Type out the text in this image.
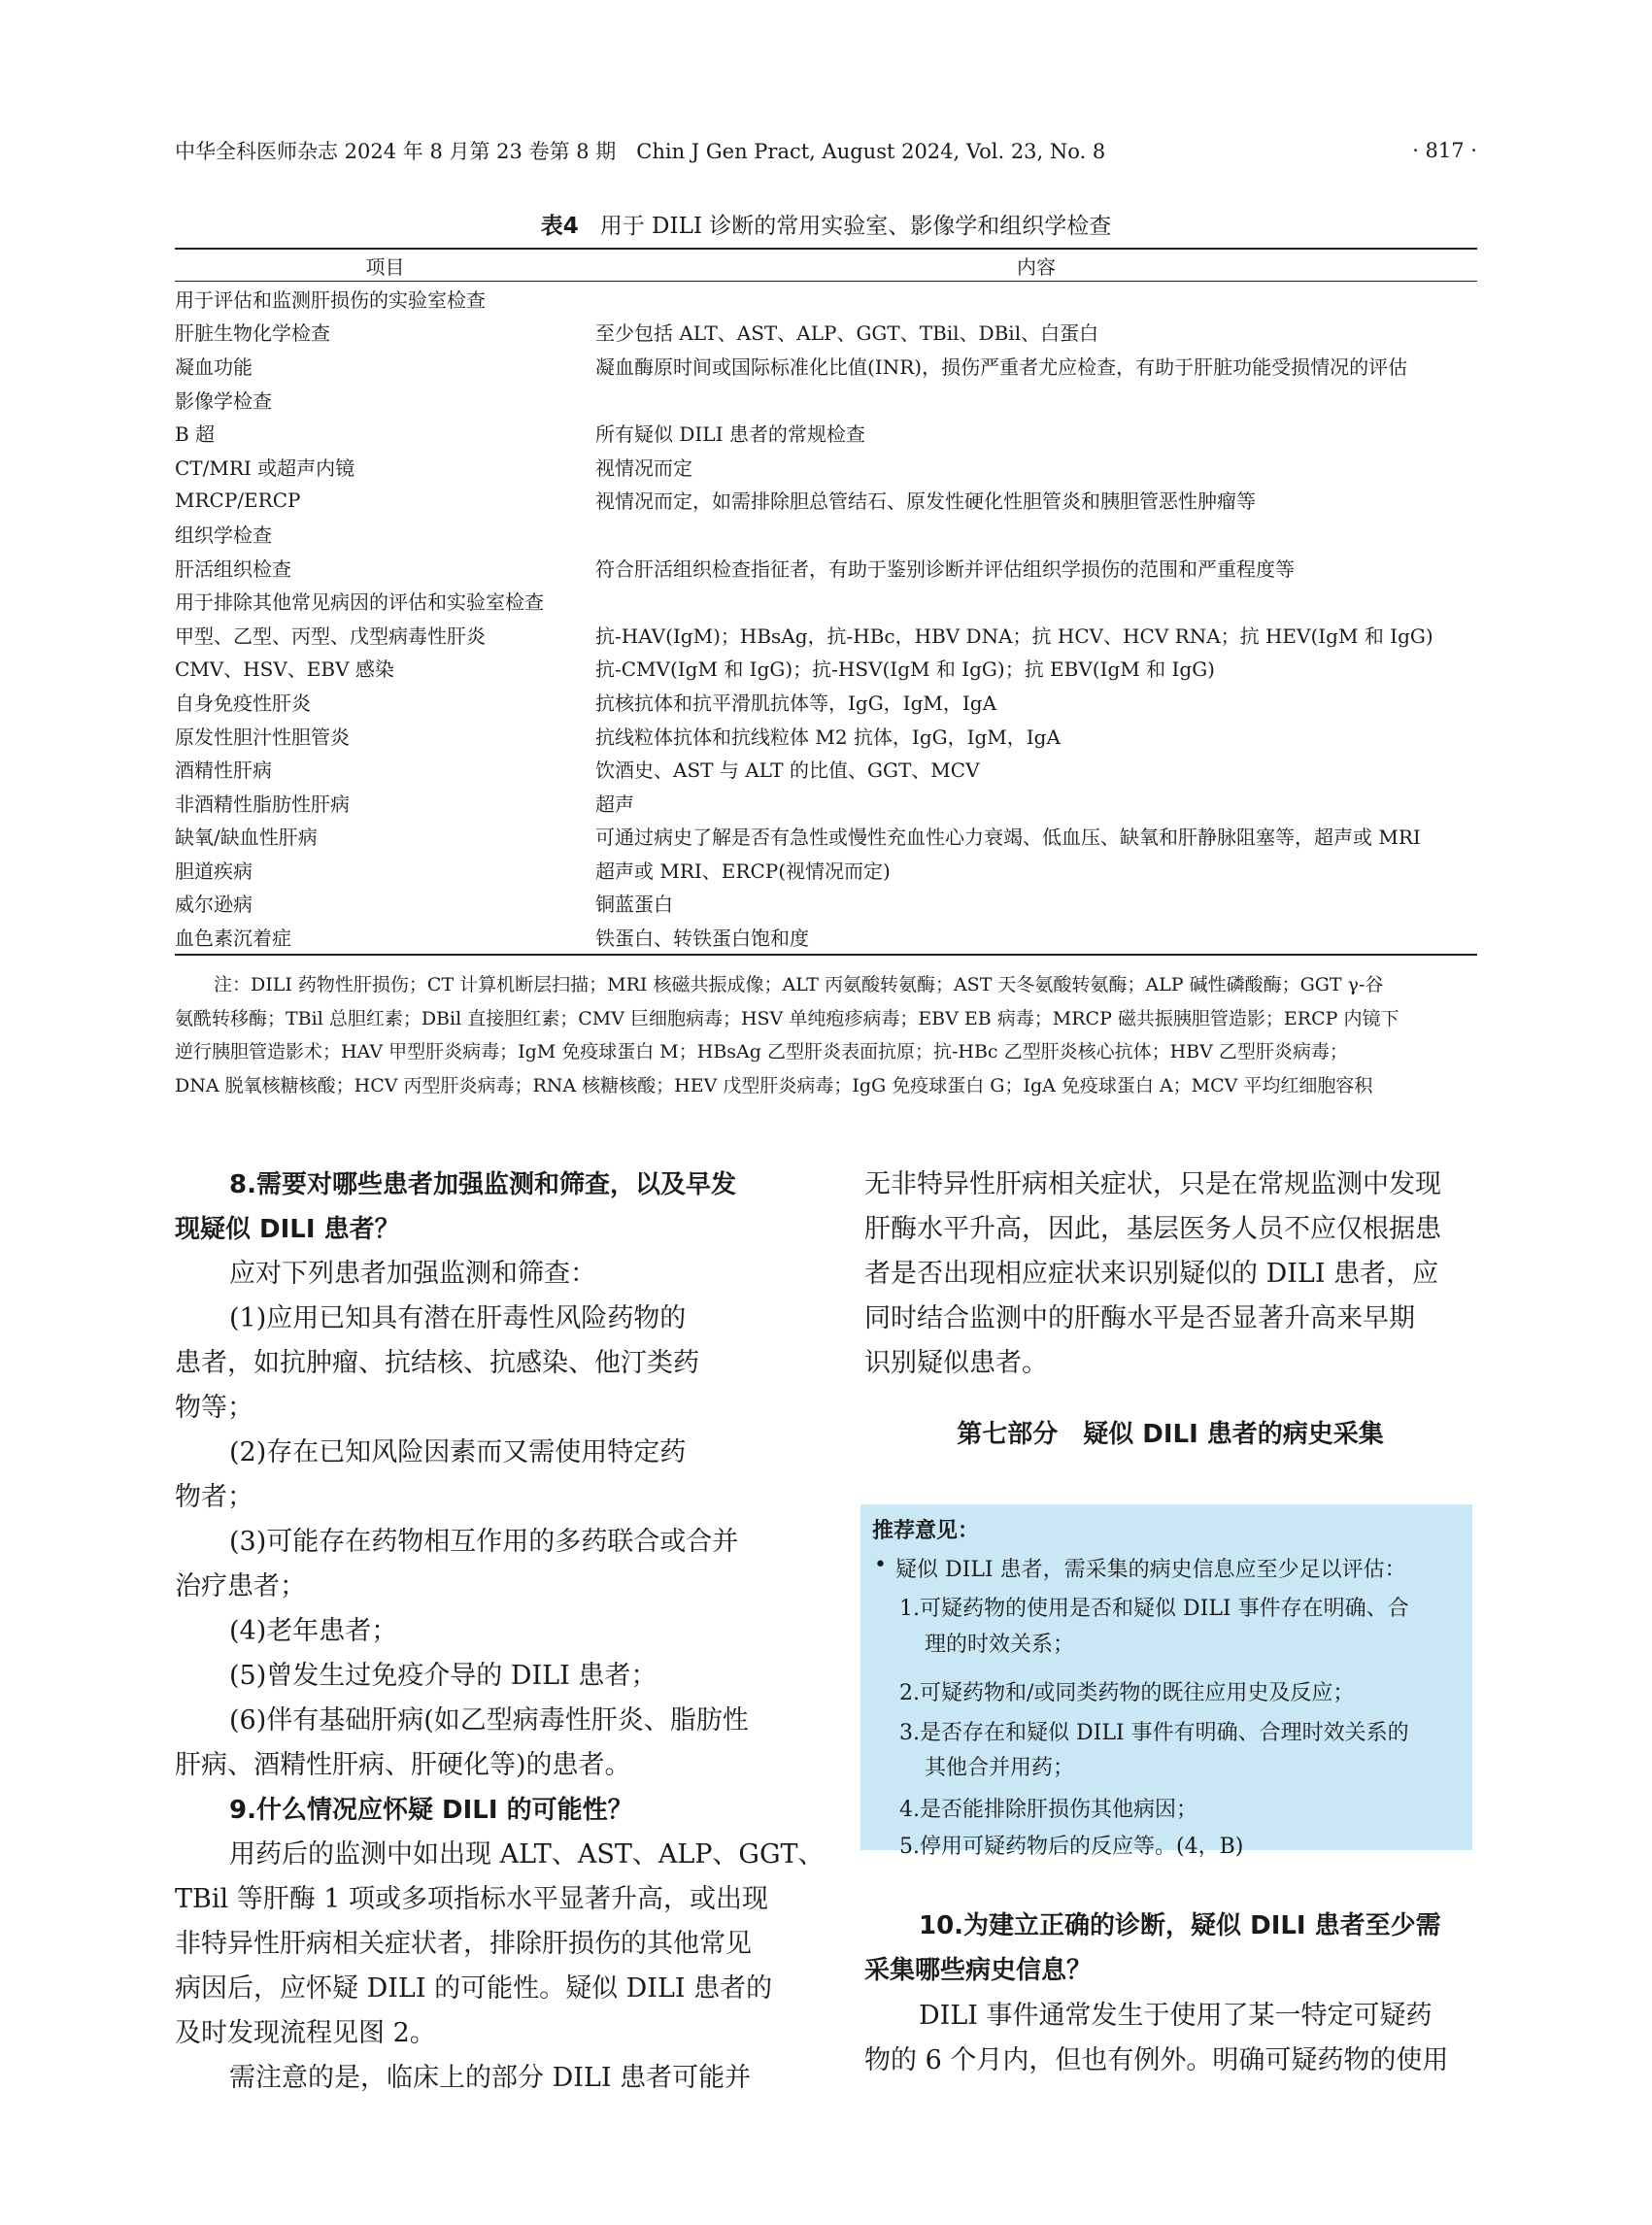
中华全科医师杂志 2024 年 8 月第 23 卷第 8 期　Chin J Gen Pract, August 2024, Vol. 23, No. 8	· 817 ·
表4 用于 DILI 诊断的常用实验室、影像学和组织学检查
项目	内容
用于评估和监测肝损伤的实验室检查	
肝脏生物化学检查	至少包括 ALT、AST、ALP、GGT、TBil、DBil、白蛋白
凝血功能	凝血酶原时间或国际标准化比值(INR)，损伤严重者尤应检查，有助于肝脏功能受损情况的评估
影像学检查	
B 超	所有疑似 DILI 患者的常规检查
CT/MRI 或超声内镜	视情况而定
MRCP/ERCP	视情况而定，如需排除胆总管结石、原发性硬化性胆管炎和胰胆管恶性肿瘤等
组织学检查	
肝活组织检查	符合肝活组织检查指征者，有助于鉴别诊断并评估组织学损伤的范围和严重程度等
用于排除其他常见病因的评估和实验室检查	
甲型、乙型、丙型、戊型病毒性肝炎	抗-HAV(IgM)；HBsAg，抗-HBc，HBV DNA；抗 HCV、HCV RNA；抗 HEV(IgM 和 IgG)
CMV、HSV、EBV 感染	抗-CMV(IgM 和 IgG)；抗-HSV(IgM 和 IgG)；抗 EBV(IgM 和 IgG)
自身免疫性肝炎	抗核抗体和抗平滑肌抗体等，IgG，IgM，IgA
原发性胆汁性胆管炎	抗线粒体抗体和抗线粒体 M2 抗体，IgG，IgM，IgA
酒精性肝病	饮酒史、AST 与 ALT 的比值、GGT、MCV
非酒精性脂肪性肝病	超声
缺氧/缺血性肝病	可通过病史了解是否有急性或慢性充血性心力衰竭、低血压、缺氧和肝静脉阻塞等，超声或 MRI
胆道疾病	超声或 MRI、ERCP(视情况而定)
威尔逊病	铜蓝蛋白
血色素沉着症	铁蛋白、转铁蛋白饱和度
注：DILI 药物性肝损伤；CT 计算机断层扫描；MRI 核磁共振成像；ALT 丙氨酸转氨酶；AST 天冬氨酸转氨酶；ALP 碱性磷酸酶；GGT γ-谷
氨酰转移酶；TBil 总胆红素；DBil 直接胆红素；CMV 巨细胞病毒；HSV 单纯疱疹病毒；EBV EB 病毒；MRCP 磁共振胰胆管造影；ERCP 内镜下
逆行胰胆管造影术；HAV 甲型肝炎病毒；IgM 免疫球蛋白 M；HBsAg 乙型肝炎表面抗原；抗-HBc 乙型肝炎核心抗体；HBV 乙型肝炎病毒；
DNA 脱氧核糖核酸；HCV 丙型肝炎病毒；RNA 核糖核酸；HEV 戊型肝炎病毒；IgG 免疫球蛋白 G；IgA 免疫球蛋白 A；MCV 平均红细胞容积
8.需要对哪些患者加强监测和筛查，以及早发
现疑似 DILI 患者？
应对下列患者加强监测和筛查：
(1)应用已知具有潜在肝毒性风险药物的
患者，如抗肿瘤、抗结核、抗感染、他汀类药
物等；
(2)存在已知风险因素而又需使用特定药
物者；
(3)可能存在药物相互作用的多药联合或合并
治疗患者；
(4)老年患者；
(5)曾发生过免疫介导的 DILI 患者；
(6)伴有基础肝病(如乙型病毒性肝炎、脂肪性
肝病、酒精性肝病、肝硬化等)的患者。
9.什么情况应怀疑 DILI 的可能性？
用药后的监测中如出现 ALT、AST、ALP、GGT、
TBil 等肝酶 1 项或多项指标水平显著升高，或出现
非特异性肝病相关症状者，排除肝损伤的其他常见
病因后，应怀疑 DILI 的可能性。疑似 DILI 患者的
及时发现流程见图 2。
需注意的是，临床上的部分 DILI 患者可能并
无非特异性肝病相关症状，只是在常规监测中发现
肝酶水平升高，因此，基层医务人员不应仅根据患
者是否出现相应症状来识别疑似的 DILI 患者，应
同时结合监测中的肝酶水平是否显著升高来早期
识别疑似患者。
第七部分　疑似 DILI 患者的病史采集
推荐意见：
• 疑似 DILI 患者，需采集的病史信息应至少足以评估：
1.可疑药物的使用是否和疑似 DILI 事件存在明确、合
理的时效关系；
2.可疑药物和/或同类药物的既往应用史及反应；
3.是否存在和疑似 DILI 事件有明确、合理时效关系的
其他合并用药；
4.是否能排除肝损伤其他病因；
5.停用可疑药物后的反应等。(4，B)
10.为建立正确的诊断，疑似 DILI 患者至少需
采集哪些病史信息？
DILI 事件通常发生于使用了某一特定可疑药
物的 6 个月内，但也有例外。明确可疑药物的使用
